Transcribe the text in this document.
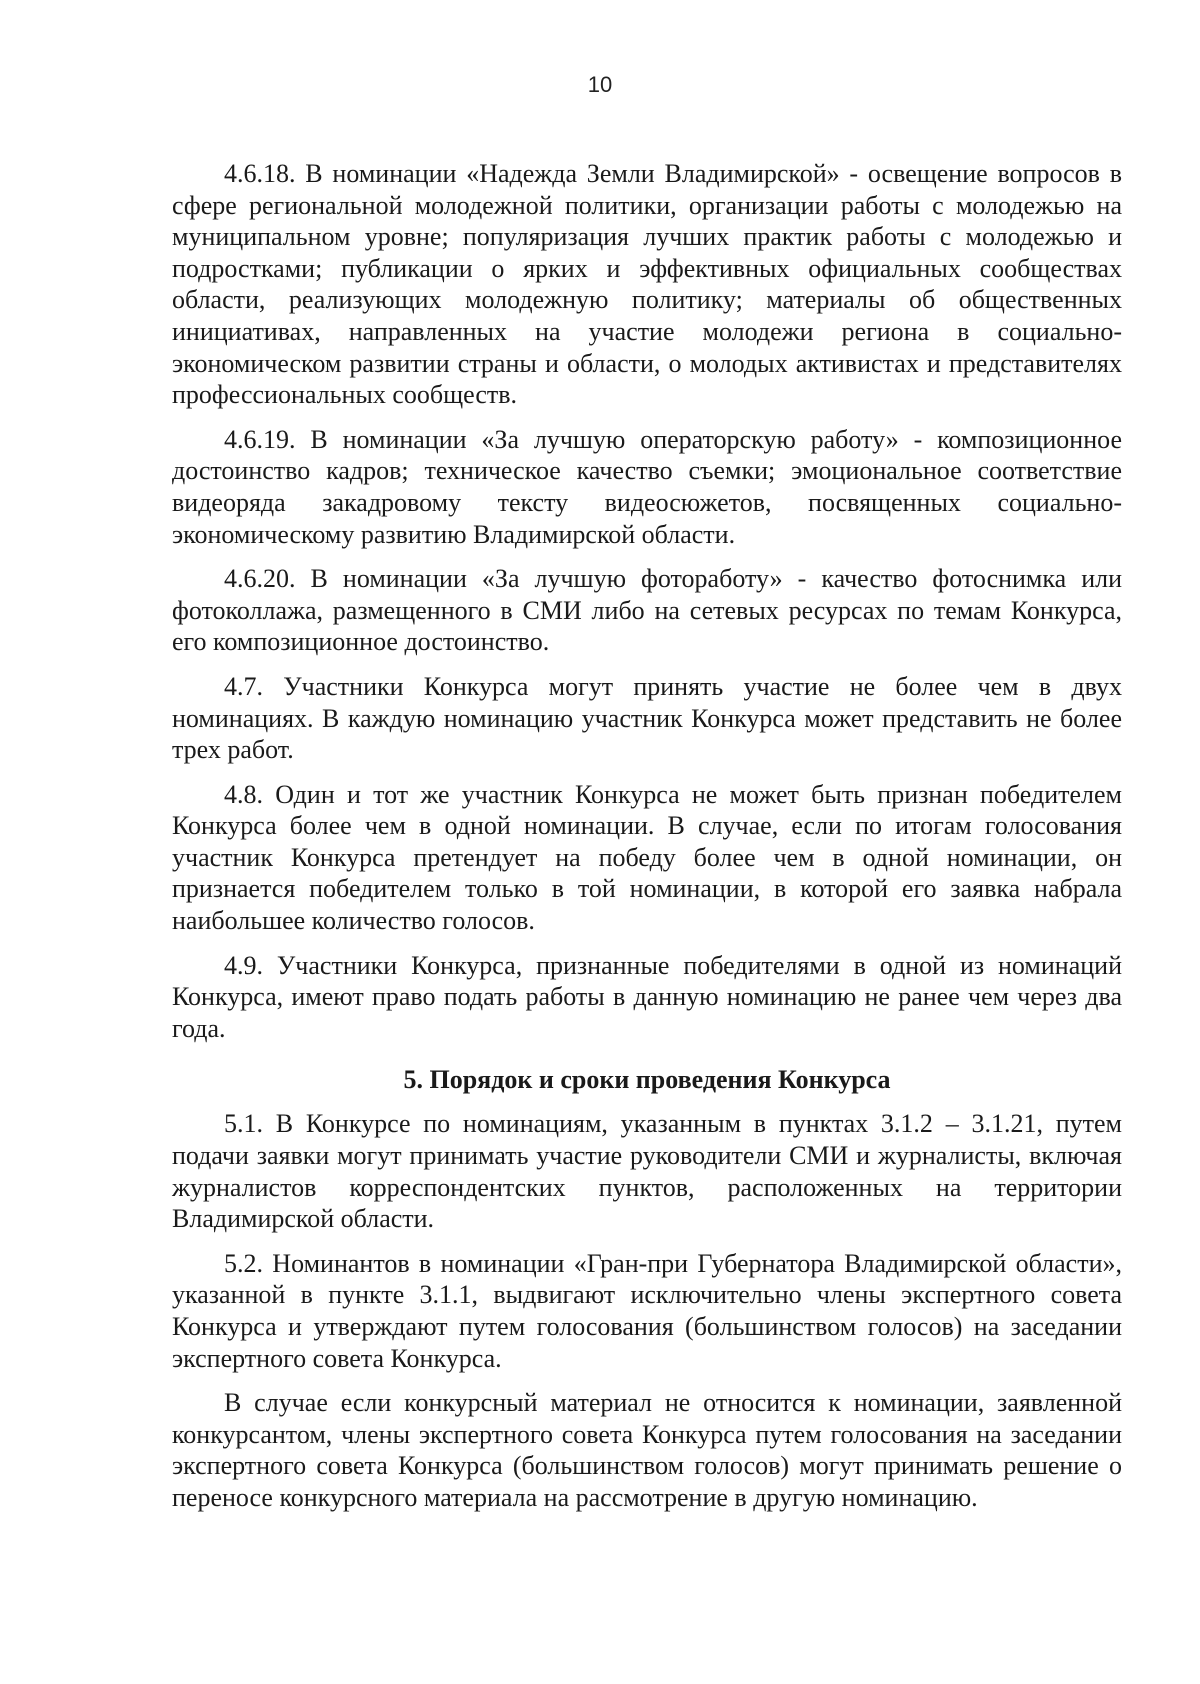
10

4.6.18. В номинации «Надежда Земли Владимирской» - освещение вопросов в сфере региональной молодежной политики, организации работы с молодежью на муниципальном уровне; популяризация лучших практик работы с молодежью и подростками; публикации о ярких и эффективных официальных сообществах области, реализующих молодежную политику; материалы об общественных инициативах, направленных на участие молодежи региона в социально-экономическом развитии страны и области, о молодых активистах и представителях профессиональных сообществ.

4.6.19. В номинации «За лучшую операторскую работу» - композиционное достоинство кадров; техническое качество съемки; эмоциональное соответствие видеоряда закадровому тексту видеосюжетов, посвященных социально-экономическому развитию Владимирской области.

4.6.20. В номинации «За лучшую фотоработу» - качество фотоснимка или фотоколлажа, размещенного в СМИ либо на сетевых ресурсах по темам Конкурса, его композиционное достоинство.

4.7. Участники Конкурса могут принять участие не более чем в двух номинациях. В каждую номинацию участник Конкурса может представить не более трех работ.

4.8. Один и тот же участник Конкурса не может быть признан победителем Конкурса более чем в одной номинации. В случае, если по итогам голосования участник Конкурса претендует на победу более чем в одной номинации, он признается победителем только в той номинации, в которой его заявка набрала наибольшее количество голосов.

4.9. Участники Конкурса, признанные победителями в одной из номинаций Конкурса, имеют право подать работы в данную номинацию не ранее чем через два года.

5. Порядок и сроки проведения Конкурса

5.1. В Конкурсе по номинациям, указанным в пунктах 3.1.2 – 3.1.21, путем подачи заявки могут принимать участие руководители СМИ и журналисты, включая журналистов корреспондентских пунктов, расположенных на территории Владимирской области.

5.2. Номинантов в номинации «Гран-при Губернатора Владимирской области», указанной в пункте 3.1.1, выдвигают исключительно члены экспертного совета Конкурса и утверждают путем голосования (большинством голосов) на заседании экспертного совета Конкурса.

В случае если конкурсный материал не относится к номинации, заявленной конкурсантом, члены экспертного совета Конкурса путем голосования на заседании экспертного совета Конкурса (большинством голосов) могут принимать решение о переносе конкурсного материала на рассмотрение в другую номинацию.
